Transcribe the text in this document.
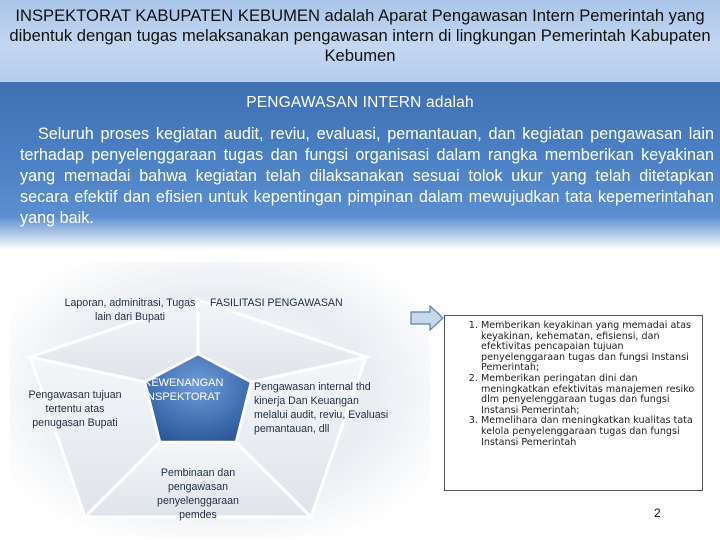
INSPEKTORAT KABUPATEN KEBUMEN adalah Aparat Pengawasan Intern Pemerintah yang dibentuk dengan tugas melaksanakan pengawasan intern di lingkungan Pemerintah Kabupaten Kebumen

PENGAWASAN INTERN adalah

Seluruh proses kegiatan audit, reviu, evaluasi, pemantauan, dan kegiatan pengawasan lain terhadap penyelenggaraan tugas dan fungsi organisasi dalam rangka memberikan keyakinan yang memadai bahwa kegiatan telah dilaksanakan sesuai tolok ukur yang telah ditetapkan secara efektif dan efisien untuk kepentingan pimpinan dalam mewujudkan tata kepemerintahan yang baik.

Laporan, adminitrasi, Tugas lain dari Bupati

FASILITASI PENGAWASAN

Pengawasan tujuan tertentu atas penugasan Bupati

Pengawasan internal thd kinerja Dan Keuangan melalui audit, reviu, Evaluasi pemantauan, dll

Pembinaan dan pengawasan penyelenggaraan pemdes

KEWENANGAN INSPEKTORAT

1. Memberikan keyakinan yang memadai atas keyakinan, kehematan, efisiensi, dan efektivitas pencapaian tujuan penyelenggaraan tugas dan fungsi Instansi Pemerintah;
2. Memberikan peringatan dini dan meningkatkan efektivitas manajemen resiko dlm penyelenggaraan tugas dan fungsi Instansi Pemerintah;
3. Memelihara dan meningkatkan kualitas tata kelola penyelenggaraan tugas dan fungsi Instansi Pemerintah
2
